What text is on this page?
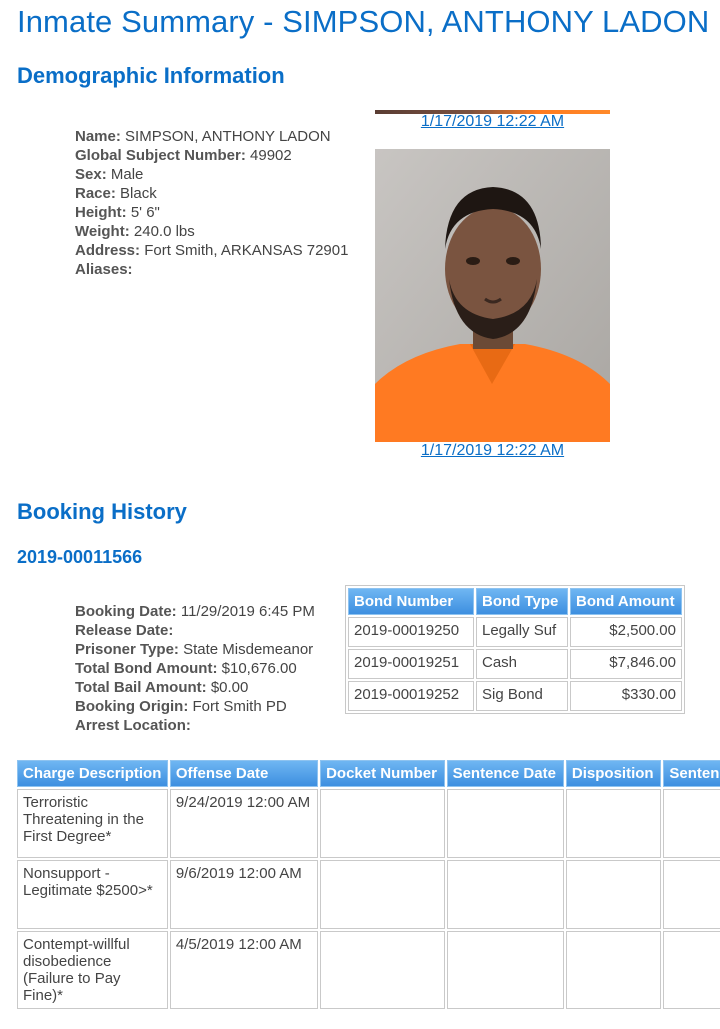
Inmate Summary - SIMPSON, ANTHONY LADON
Demographic Information
Name: SIMPSON, ANTHONY LADON
Global Subject Number: 49902
Sex: Male
Race: Black
Height: 5' 6"
Weight: 240.0 lbs
Address: Fort Smith, ARKANSAS 72901
Aliases:
1/17/2019 12:22 AM
1/17/2019 12:22 AM
Booking History
2019-00011566
Booking Date: 11/29/2019 6:45 PM
Release Date:
Prisoner Type: State Misdemeanor
Total Bond Amount: $10,676.00
Total Bail Amount: $0.00
Booking Origin: Fort Smith PD
Arrest Location:
Bond Number	Bond Type	Bond Amount
2019-00019250	Legally Suf	$2,500.00
2019-00019251	Cash	$7,846.00
2019-00019252	Sig Bond	$330.00
Charge Description	Offense Date	Docket Number	Sentence Date	Disposition	Senten
Terroristic Threatening in the First Degree*	9/24/2019 12:00 AM				
Nonsupport - Legitimate $2500>*	9/6/2019 12:00 AM				
Contempt-willful disobedience (Failure to Pay Fine)*	4/5/2019 12:00 AM				
